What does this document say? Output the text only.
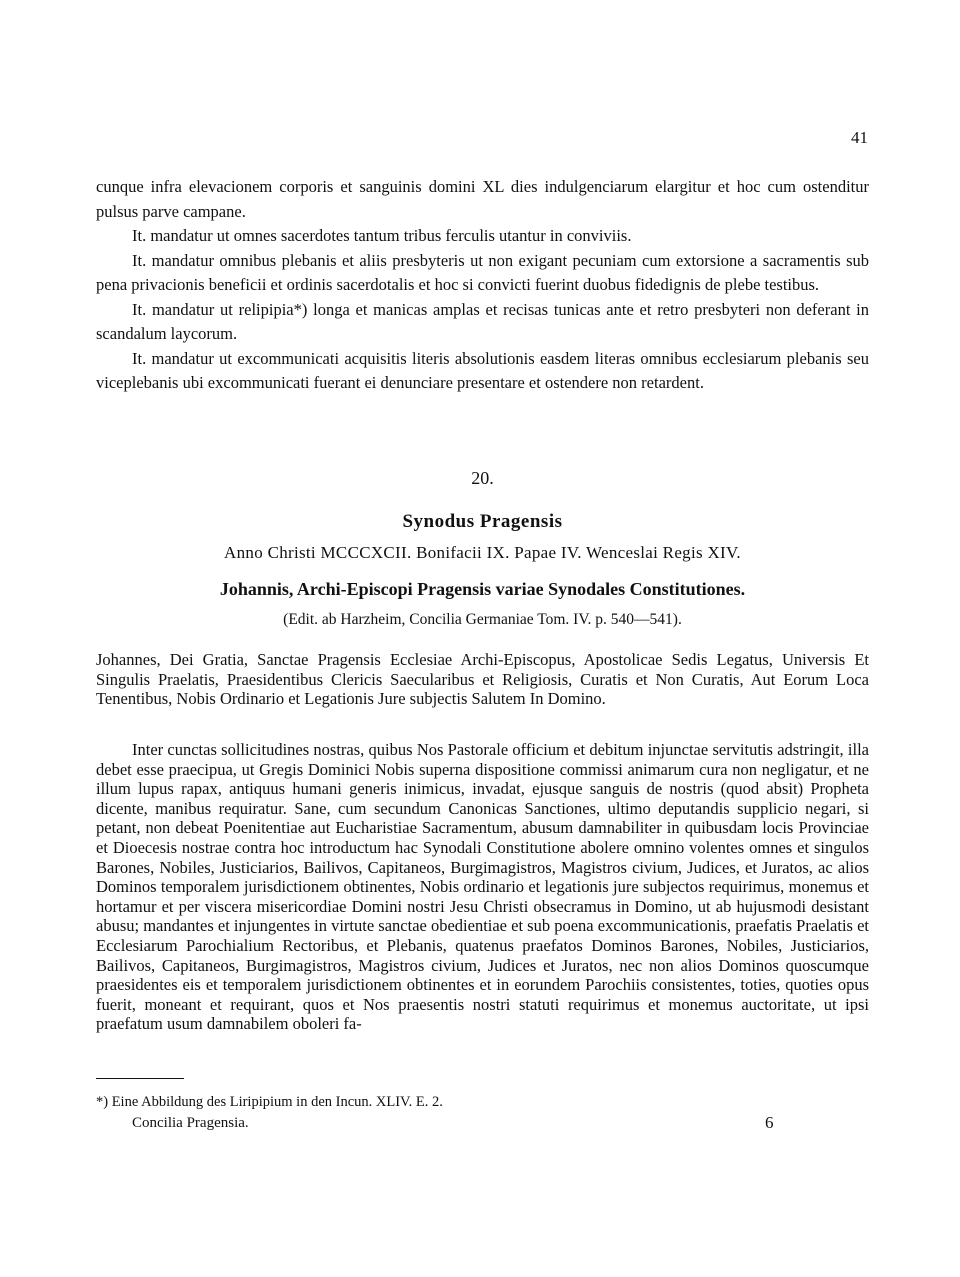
41

cunque infra elevacionem corporis et sanguinis domini XL dies indulgenciarum elargitur et hoc cum ostenditur pulsus parve campane.

It. mandatur ut omnes sacerdotes tantum tribus ferculis utantur in conviviis.

It. mandatur omnibus plebanis et aliis presbyteris ut non exigant pecuniam cum extorsione a sacramentis sub pena privacionis beneficii et ordinis sacerdotalis et hoc si convicti fuerint duobus fidedignis de plebe testibus.

It. mandatur ut relipipia*) longa et manicas amplas et recisas tunicas ante et retro presbyteri non deferant in scandalum laycorum.

It. mandatur ut excommunicati acquisitis literis absolutionis easdem literas omnibus ecclesiarum plebanis seu viceplebanis ubi excommunicati fuerant ei denunciare presentare et ostendere non retardent.

20.
Synodus Pragensis
Anno Christi MCCCXCII. Bonifacii IX. Papae IV. Wenceslai Regis XIV.
Johannis, Archi-Episcopi Pragensis variae Synodales Constitutiones.
(Edit. ab Harzheim, Concilia Germaniae Tom. IV. p. 540—541).
Johannes, Dei Gratia, Sanctae Pragensis Ecclesiae Archi-Episcopus, Apostolicae Sedis Legatus, Universis Et Singulis Praelatis, Praesidentibus Clericis Saecularibus et Religiosis, Curatis et Non Curatis, Aut Eorum Loca Tenentibus, Nobis Ordinario et Legationis Jure subjectis Salutem In Domino.

Inter cunctas sollicitudines nostras, quibus Nos Pastorale officium et debitum injunctae servitutis adstringit, illa debet esse praecipua, ut Gregis Dominici Nobis superna dispositione commissi animarum cura non negligatur, et ne illum lupus rapax, antiquus humani generis inimicus, invadat, ejusque sanguis de nostris (quod absit) Propheta dicente, manibus requiratur. Sane, cum secundum Canonicas Sanctiones, ultimo deputandis supplicio negari, si petant, non debeat Poenitentiae aut Eucharistiae Sacramentum, abusum damnabiliter in quibusdam locis Provinciae et Dioecesis nostrae contra hoc introductum hac Synodali Constitutione abolere omnino volentes omnes et singulos Barones, Nobiles, Justiciarios, Bailivos, Capitaneos, Burgimagistros, Magistros civium, Judices, et Juratos, ac alios Dominos temporalem jurisdictionem obtinentes, Nobis ordinario et legationis jure subjectos requirimus, monemus et hortamur et per viscera misericordiae Domini nostri Jesu Christi obsecramus in Domino, ut ab hujusmodi desistant abusu; mandantes et injungentes in virtute sanctae obedientiae et sub poena excommunicationis, praefatis Praelatis et Ecclesiarum Parochialium Rectoribus, et Plebanis, quatenus praefatos Dominos Barones, Nobiles, Justiciarios, Bailivos, Capitaneos, Burgimagistros, Magistros civium, Judices et Juratos, nec non alios Dominos quoscumque praesidentes eis et temporalem jurisdictionem obtinentes et in eorundem Parochiis consistentes, toties, quoties opus fuerit, moneant et requirant, quos et Nos praesentis nostri statuti requirimus et monemus auctoritate, ut ipsi praefatum usum damnabilem oboleri fa-

*) Eine Abbildung des Liripipium in den Incun. XLIV. E. 2.
Concilia Pragensia.	6
